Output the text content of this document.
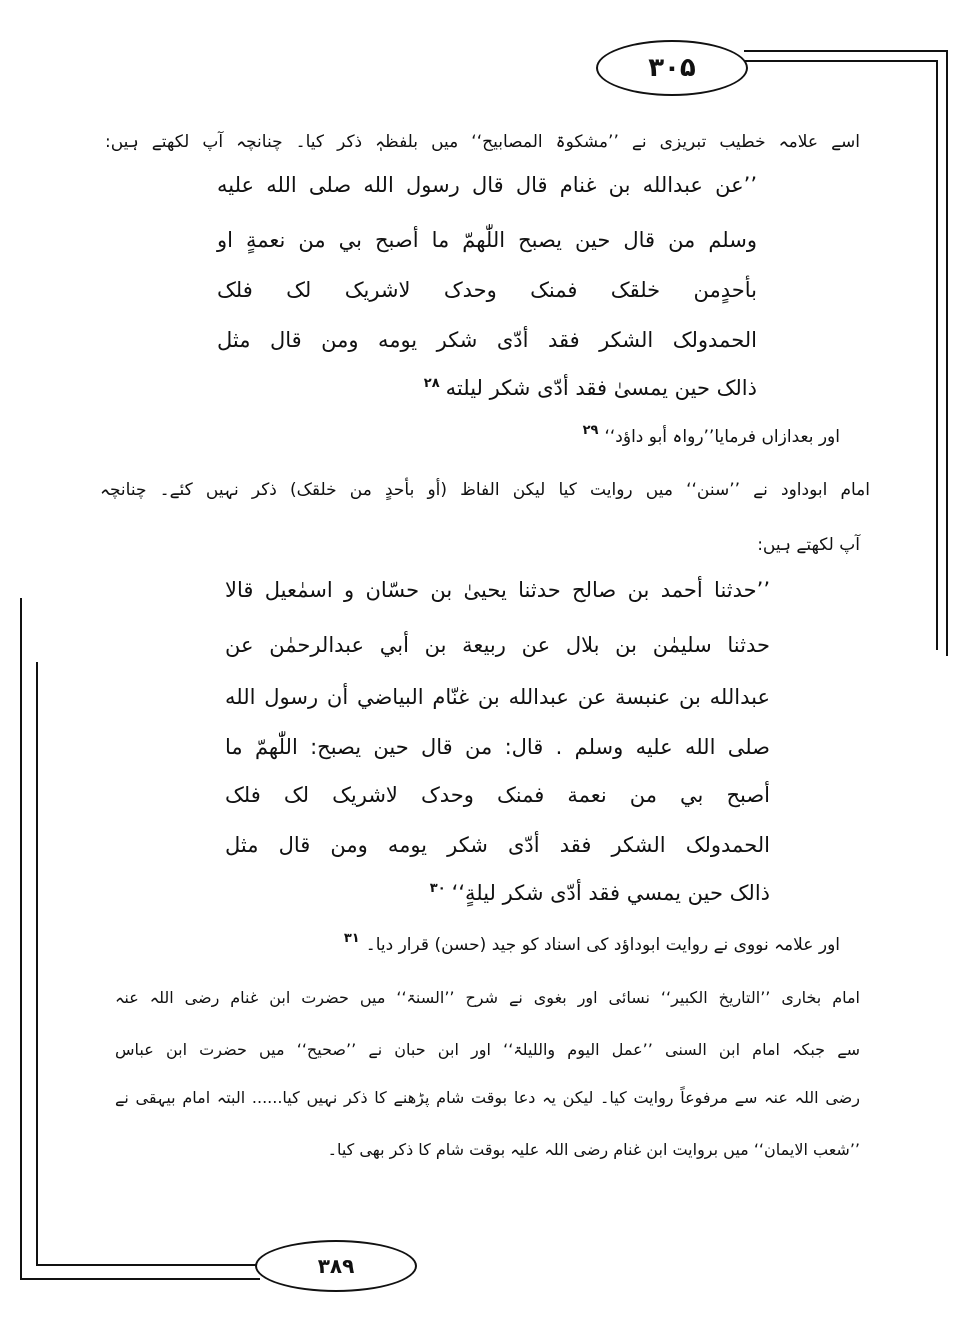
۳۰۵
۳۸۹
اسے علامہ خطیب تبریزی نے ’’مشکوۃ المصابیح‘‘ میں بلفظہٖ ذکر کیا۔ چنانچہ آپ لکھتے ہیں:
’’عن عبدالله بن غنام قال قال رسول الله صلى الله عليه
وسلم من قال حين يصبح اللّٰهمّ ما أصبح بي من نعمةٍ او
بأحدٍمن خلقک فمنک وحدک لاشريک لک فلک
الحمدولک الشکر فقد أدّى شکر يومه ومن قال مثل
ذالک حين يمسىٰ فقد أدّى شکر ليلته$^{۲۸}$
اور بعدازاں فرمایا’’رواہ أبو داؤد‘‘$^{۲۹}$
امام ابوداود نے ’’سنن‘‘ میں روایت کیا لیکن الفاظ (أو بأحدٍ من خلقک) ذکر نہیں کئے۔ چنانچہ
آپ لکھتے ہیں:
’’حدثنا أحمد بن صالح حدثنا يحيىٰ بن حسّان و اسمٰعيل قالا
حدثنا سليمٰن بن بلال عن ربيعة بن أبي عبدالرحمٰن عن
عبدالله بن عنبسة عن عبدالله بن غنّام البياضي أن رسول الله
صلى الله عليه وسلم . قال: من قال حين يصبح: اللّٰهمّ ما
أصبح بي من نعمة فمنک وحدک لاشريک لک فلک
الحمدولک الشکر فقد أدّى شکر يومه ومن قال مثل
ذالک حين يمسي فقد أدّى شکر ليلةٍ‘‘$^{۳۰}$
اور علامہ نووی نے روایت ابوداؤد کی اسناد کو جید (حسن) قرار دیا۔$^{۳۱}$
امام بخاری ’’التاریخ الکبیر‘‘ نسائی اور بغوی نے شرح ’’السنۃ‘‘ میں حضرت ابن غنام رضی اللہ عنہ
سے جبکہ امام ابن السنی ’’عمل الیوم واللیلۃ‘‘ اور ابن حبان نے ’’صحیح‘‘ میں حضرت ابن عباس
رضی اللہ عنہ سے مرفوعاً روایت کیا۔ لیکن یہ دعا بوقت شام پڑھنے کا ذکر نہیں کیا...... البتہ امام بیہقی نے
’’شعب الایمان‘‘ میں بروایت ابن غنام رضی اللہ علیہ بوقت شام کا ذکر بھی کیا۔
